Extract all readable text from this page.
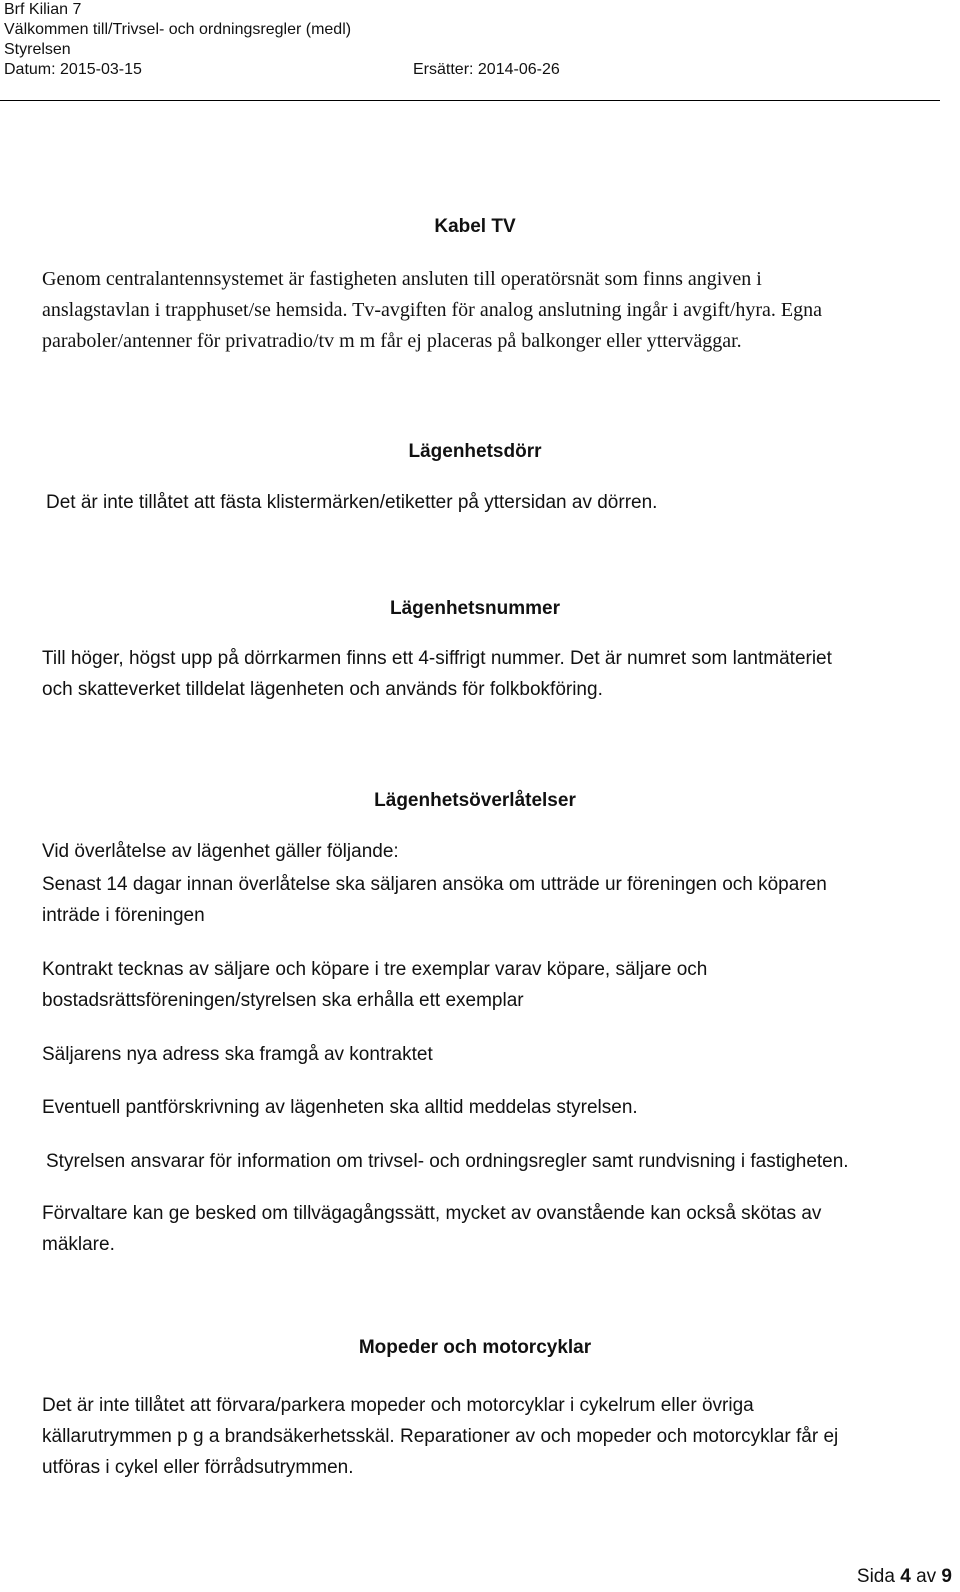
Brf Kilian 7
Välkommen till/Trivsel- och ordningsregler (medl)
Styrelsen
Datum: 2015-03-15	Ersätter: 2014-06-26
Kabel TV
Genom centralantennsystemet är fastigheten ansluten till operatörsnät som finns angiven i
anslagstavlan i trapphuset/se hemsida. Tv-avgiften för analog anslutning ingår i avgift/hyra. Egna
paraboler/antenner för privatradio/tv m m får ej placeras på balkonger eller ytterväggar.
Lägenhetsdörr
Det är inte tillåtet att fästa klistermärken/etiketter på yttersidan av dörren.
Lägenhetsnummer
Till höger, högst upp på dörrkarmen finns ett 4-siffrigt nummer. Det är numret som lantmäteriet
och skatteverket tilldelat lägenheten och används för folkbokföring.
Lägenhetsöverlåtelser
Vid överlåtelse av lägenhet gäller följande:
Senast 14 dagar innan överlåtelse ska säljaren ansöka om utträde ur föreningen och köparen
inträde i föreningen
Kontrakt tecknas av säljare och köpare i tre exemplar varav köpare, säljare och
bostadsrättsföreningen/styrelsen ska erhålla ett exemplar
Säljarens nya adress ska framgå av kontraktet
Eventuell pantförskrivning av lägenheten ska alltid meddelas styrelsen.
Styrelsen ansvarar för information om trivsel- och ordningsregler samt rundvisning i fastigheten.
Förvaltare kan ge besked om tillvägagångssätt, mycket av ovanstående kan också skötas av
mäklare.
Mopeder och motorcyklar
Det är inte tillåtet att förvara/parkera mopeder och motorcyklar i cykelrum eller övriga
källarutrymmen p g a brandsäkerhetsskäl. Reparationer av och mopeder och motorcyklar får ej
utföras i cykel eller förrådsutrymmen.
Sida 4 av 9
